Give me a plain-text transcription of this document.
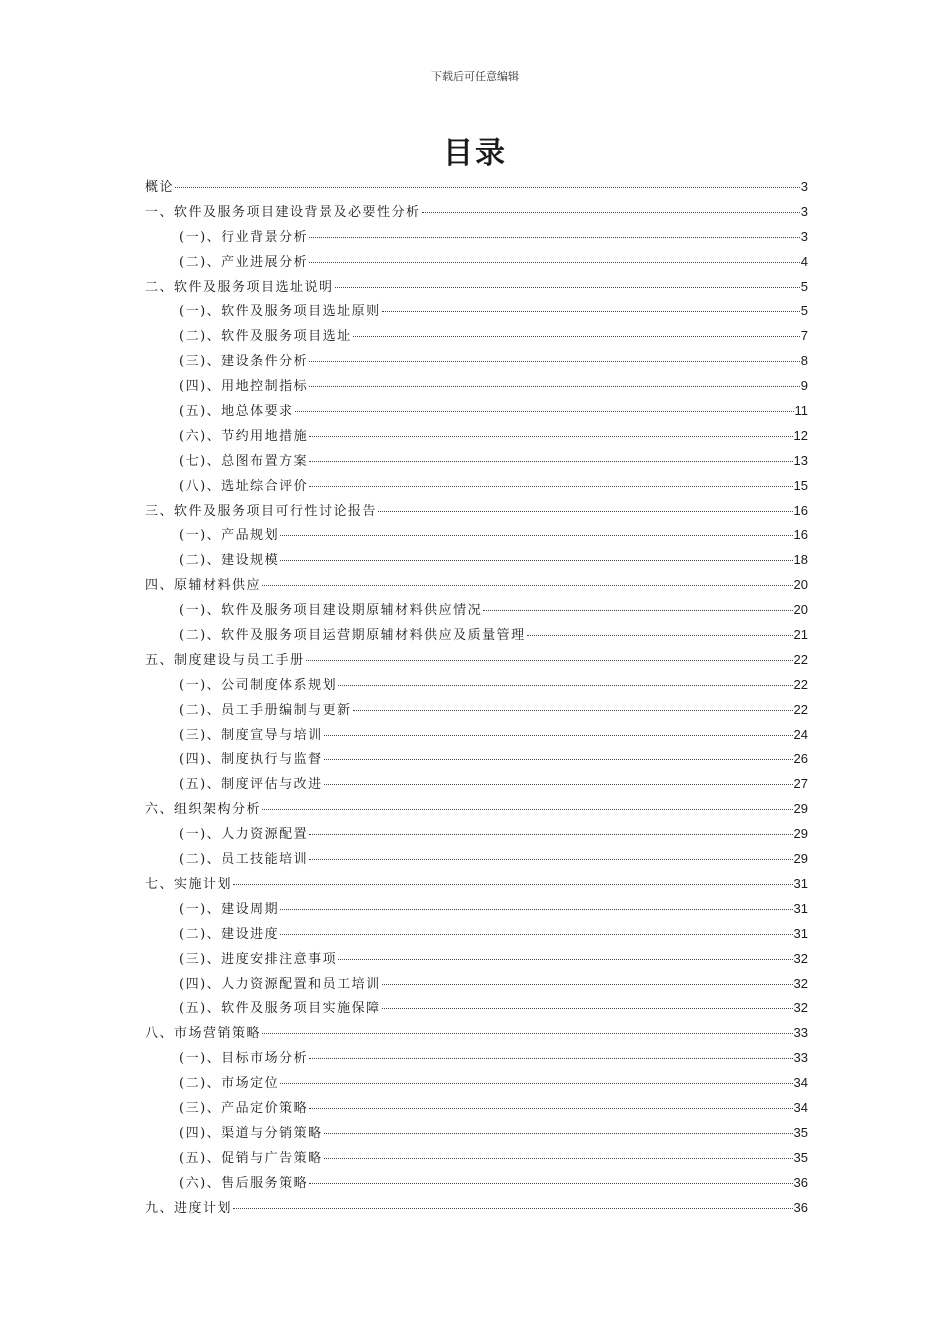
下载后可任意编辑
目录
概论	3
一、软件及服务项目建设背景及必要性分析	3
(一)、行业背景分析	3
(二)、产业进展分析	4
二、软件及服务项目选址说明	5
(一)、软件及服务项目选址原则	5
(二)、软件及服务项目选址	7
(三)、建设条件分析	8
(四)、用地控制指标	9
(五)、地总体要求	11
(六)、节约用地措施	12
(七)、总图布置方案	13
(八)、选址综合评价	15
三、软件及服务项目可行性讨论报告	16
(一)、产品规划	16
(二)、建设规模	18
四、原辅材料供应	20
(一)、软件及服务项目建设期原辅材料供应情况	20
(二)、软件及服务项目运营期原辅材料供应及质量管理	21
五、制度建设与员工手册	22
(一)、公司制度体系规划	22
(二)、员工手册编制与更新	22
(三)、制度宣导与培训	24
(四)、制度执行与监督	26
(五)、制度评估与改进	27
六、组织架构分析	29
(一)、人力资源配置	29
(二)、员工技能培训	29
七、实施计划	31
(一)、建设周期	31
(二)、建设进度	31
(三)、进度安排注意事项	32
(四)、人力资源配置和员工培训	32
(五)、软件及服务项目实施保障	32
八、市场营销策略	33
(一)、目标市场分析	33
(二)、市场定位	34
(三)、产品定价策略	34
(四)、渠道与分销策略	35
(五)、促销与广告策略	35
(六)、售后服务策略	36
九、进度计划	36
